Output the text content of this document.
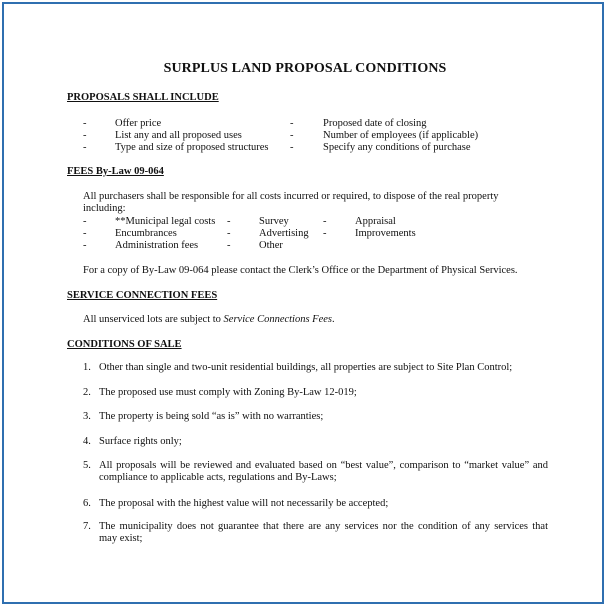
SURPLUS LAND PROPOSAL CONDITIONS
PROPOSALS SHALL INCLUDE
-	Offer price	-	Proposed date of closing
-	List any and all proposed uses	-	Number of employees (if applicable)
-	Type and size of proposed structures -	Specify any conditions of purchase
FEES By-Law 09-064
All purchasers shall be responsible for all costs incurred or required, to dispose of the real property
including:
-	**Municipal legal costs -	Survey	-	Appraisal
-	Encumbrances	-	Advertising -	Improvements
-	Administration fees	-	Other
For a copy of By-Law 09-064 please contact the Clerk’s Office or the Department of Physical Services.
SERVICE CONNECTION FEES
All unserviced lots are subject to Service Connections Fees.
CONDITIONS OF SALE
1. Other than single and two-unit residential buildings, all properties are subject to Site Plan Control;
2. The proposed use must comply with Zoning By-Law 12-019;
3. The property is being sold “as is” with no warranties;
4. Surface rights only;
5. All proposals will be reviewed and evaluated based on “best value”, comparison to “market value” and
compliance to applicable acts, regulations and By-Laws;
6. The proposal with the highest value will not necessarily be accepted;
7. The municipality does not guarantee that there are any services nor the condition of any services that
may exist;
